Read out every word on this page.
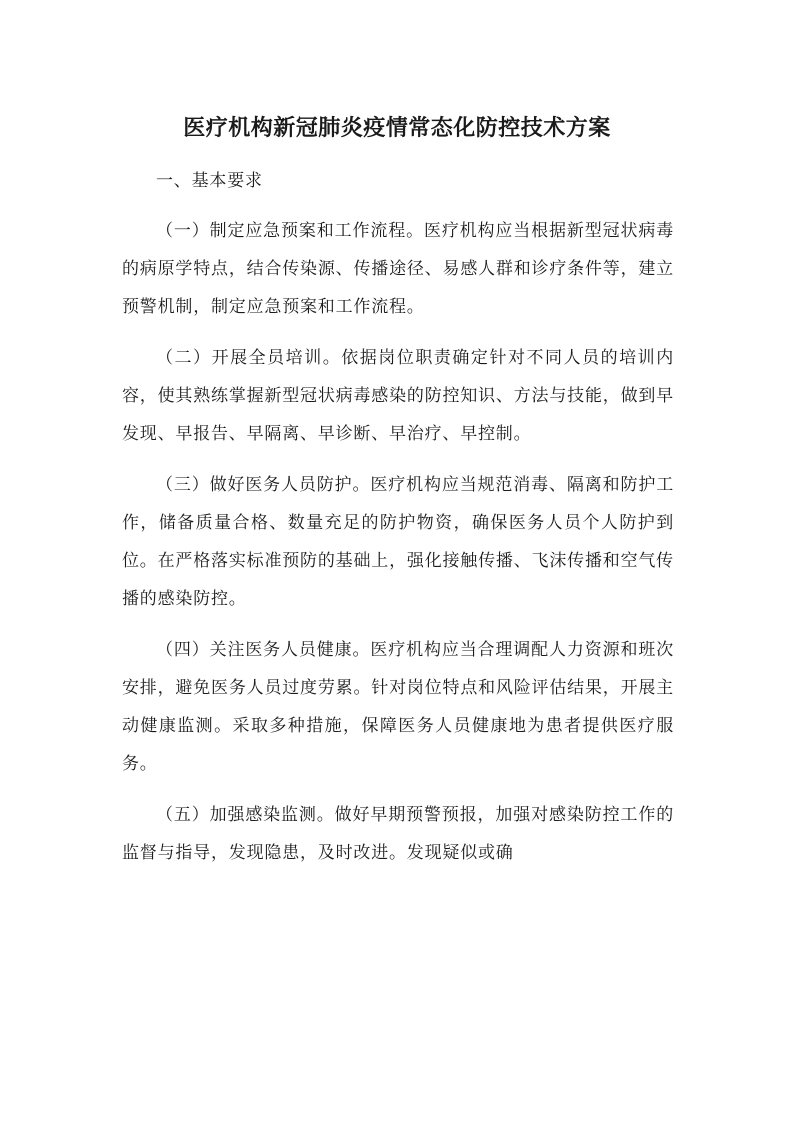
医疗机构新冠肺炎疫情常态化防控技术方案

一、基本要求

（一）制定应急预案和工作流程。医疗机构应当根据新型冠状病毒的病原学特点，结合传染源、传播途径、易感人群和诊疗条件等，建立预警机制，制定应急预案和工作流程。

（二）开展全员培训。依据岗位职责确定针对不同人员的培训内容，使其熟练掌握新型冠状病毒感染的防控知识、方法与技能，做到早发现、早报告、早隔离、早诊断、早治疗、早控制。

（三）做好医务人员防护。医疗机构应当规范消毒、隔离和防护工作，储备质量合格、数量充足的防护物资，确保医务人员个人防护到位。在严格落实标准预防的基础上，强化接触传播、飞沫传播和空气传播的感染防控。

（四）关注医务人员健康。医疗机构应当合理调配人力资源和班次安排，避免医务人员过度劳累。针对岗位特点和风险评估结果，开展主动健康监测。采取多种措施，保障医务人员健康地为患者提供医疗服务。

（五）加强感染监测。做好早期预警预报，加强对感染防控工作的监督与指导，发现隐患，及时改进。发现疑似或确
